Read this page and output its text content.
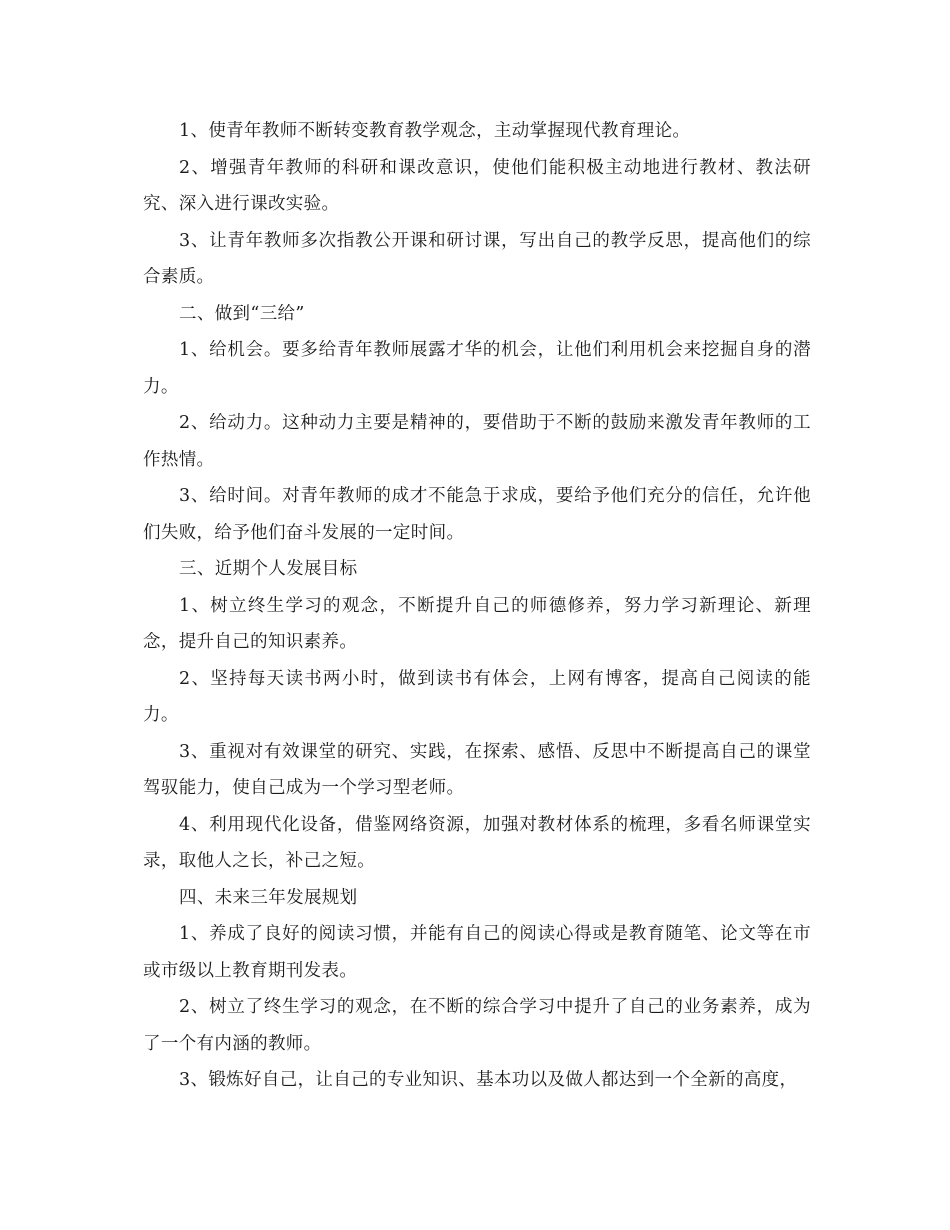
1、使青年教师不断转变教育教学观念，主动掌握现代教育理论。

2、增强青年教师的科研和课改意识，使他们能积极主动地进行教材、教法研究、深入进行课改实验。

3、让青年教师多次指教公开课和研讨课，写出自己的教学反思，提高他们的综合素质。

二、做到“三给”

1、给机会。要多给青年教师展露才华的机会，让他们利用机会来挖掘自身的潜力。

2、给动力。这种动力主要是精神的，要借助于不断的鼓励来激发青年教师的工作热情。

3、给时间。对青年教师的成才不能急于求成，要给予他们充分的信任，允许他们失败，给予他们奋斗发展的一定时间。

三、近期个人发展目标

1、树立终生学习的观念，不断提升自己的师德修养，努力学习新理论、新理念，提升自己的知识素养。

2、坚持每天读书两小时，做到读书有体会，上网有博客，提高自己阅读的能力。

3、重视对有效课堂的研究、实践，在探索、感悟、反思中不断提高自己的课堂驾驭能力，使自己成为一个学习型老师。

4、利用现代化设备，借鉴网络资源，加强对教材体系的梳理，多看名师课堂实录，取他人之长，补己之短。

四、未来三年发展规划

1、养成了良好的阅读习惯，并能有自己的阅读心得或是教育随笔、论文等在市或市级以上教育期刊发表。

2、树立了终生学习的观念，在不断的综合学习中提升了自己的业务素养，成为了一个有内涵的教师。

3、锻炼好自己，让自己的专业知识、基本功以及做人都达到一个全新的高度，
